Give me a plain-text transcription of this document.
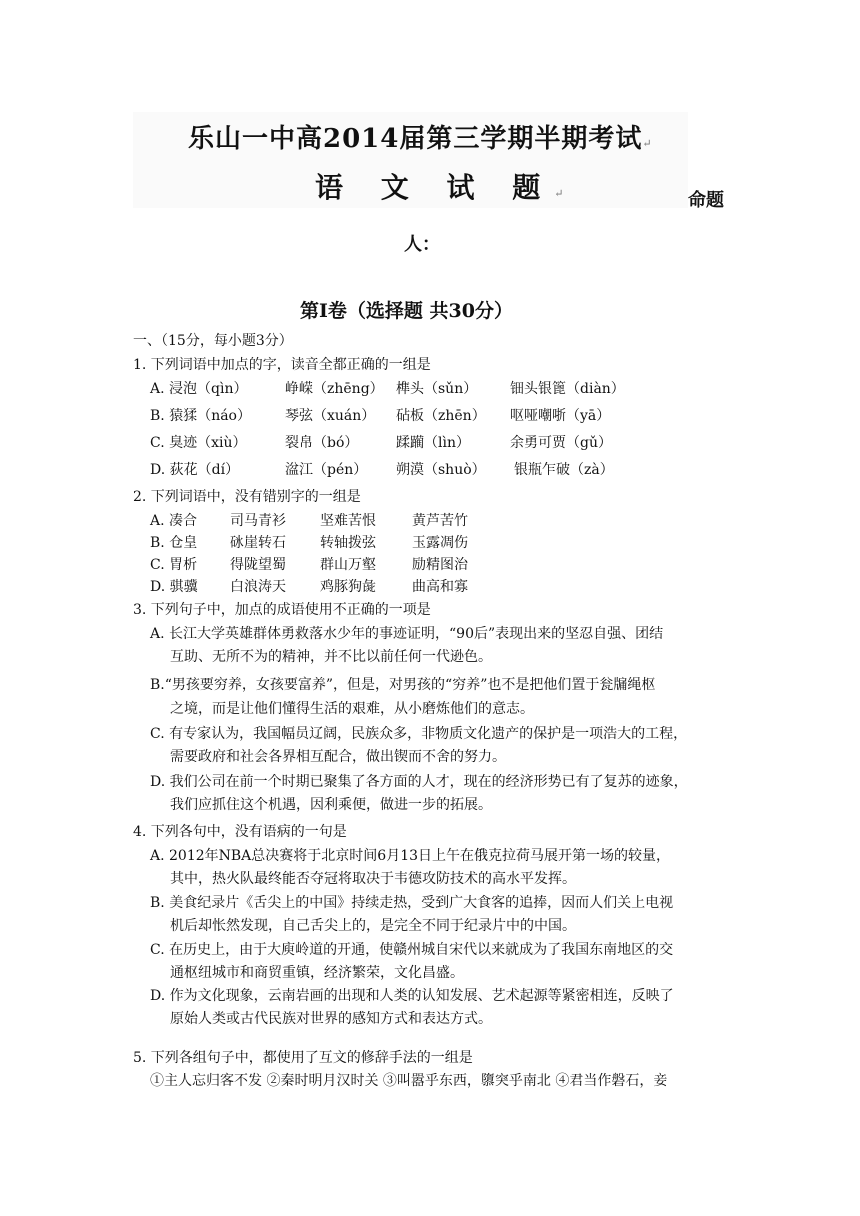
乐山一中高2014届第三学期半期考试↵
语 文 试 题↵	命题
人：
第Ⅰ卷（选择题 共30分）
一、（15分，每小题3分）
1. 下列词语中加点的字，读音全都正确的一组是
A. 浸泡（qìn）	峥嵘（zhēng） 榫头（sǔn） 钿头银篦（diàn）
B. 猿猱（náo） 琴弦（xuán） 砧板（zhēn） 呕哑嘲哳（yā）
C. 臭迹（xiù）	裂帛（bó）	蹂躏（lìn）	余勇可贾（gǔ）
D. 荻花（dí）	湓江（pén） 朔漠（shuò） 银瓶乍破（zà）
2. 下列词语中，没有错别字的一组是
A. 凑合 司马青衫 坚难苦恨	黄芦苦竹
B. 仓皇 砯崖转石 转轴拨弦	玉露凋伤
C. 胃析 得陇望蜀 群山万壑	励精图治
D. 骐骥 白浪涛天 鸡豚狗彘	曲高和寡
3. 下列句子中，加点的成语使用不正确的一项是
A. 长江大学英雄群体勇救落水少年的事迹证明，“90后”表现出来的坚忍自强、团结
互助、无所不为的精神，并不比以前任何一代逊色。
B.“男孩要穷养，女孩要富养”，但是，对男孩的“穷养”也不是把他们置于瓮牖绳枢
之境，而是让他们懂得生活的艰难，从小磨炼他们的意志。
C. 有专家认为，我国幅员辽阔，民族众多，非物质文化遗产的保护是一项浩大的工程，
需要政府和社会各界相互配合，做出锲而不舍的努力。
D. 我们公司在前一个时期已聚集了各方面的人才，现在的经济形势已有了复苏的迹象，
我们应抓住这个机遇，因利乘便，做进一步的拓展。
4. 下列各句中，没有语病的一句是
A. 2012年NBA总决赛将于北京时间6月13日上午在俄克拉荷马展开第一场的较量，
其中，热火队最终能否夺冠将取决于韦德攻防技术的高水平发挥。
B. 美食纪录片《舌尖上的中国》持续走热，受到广大食客的追捧，因而人们关上电视
机后却怅然发现，自己舌尖上的，是完全不同于纪录片中的中国。
C. 在历史上，由于大庾岭道的开通，使赣州城自宋代以来就成为了我国东南地区的交
通枢纽城市和商贸重镇，经济繁荣，文化昌盛。
D. 作为文化现象，云南岩画的出现和人类的认知发展、艺术起源等紧密相连，反映了
原始人类或古代民族对世界的感知方式和表达方式。
5. 下列各组句子中，都使用了互文的修辞手法的一组是
①主人忘归客不发 ②秦时明月汉时关 ③叫嚣乎东西，隳突乎南北 ④君当作磐石，妾
